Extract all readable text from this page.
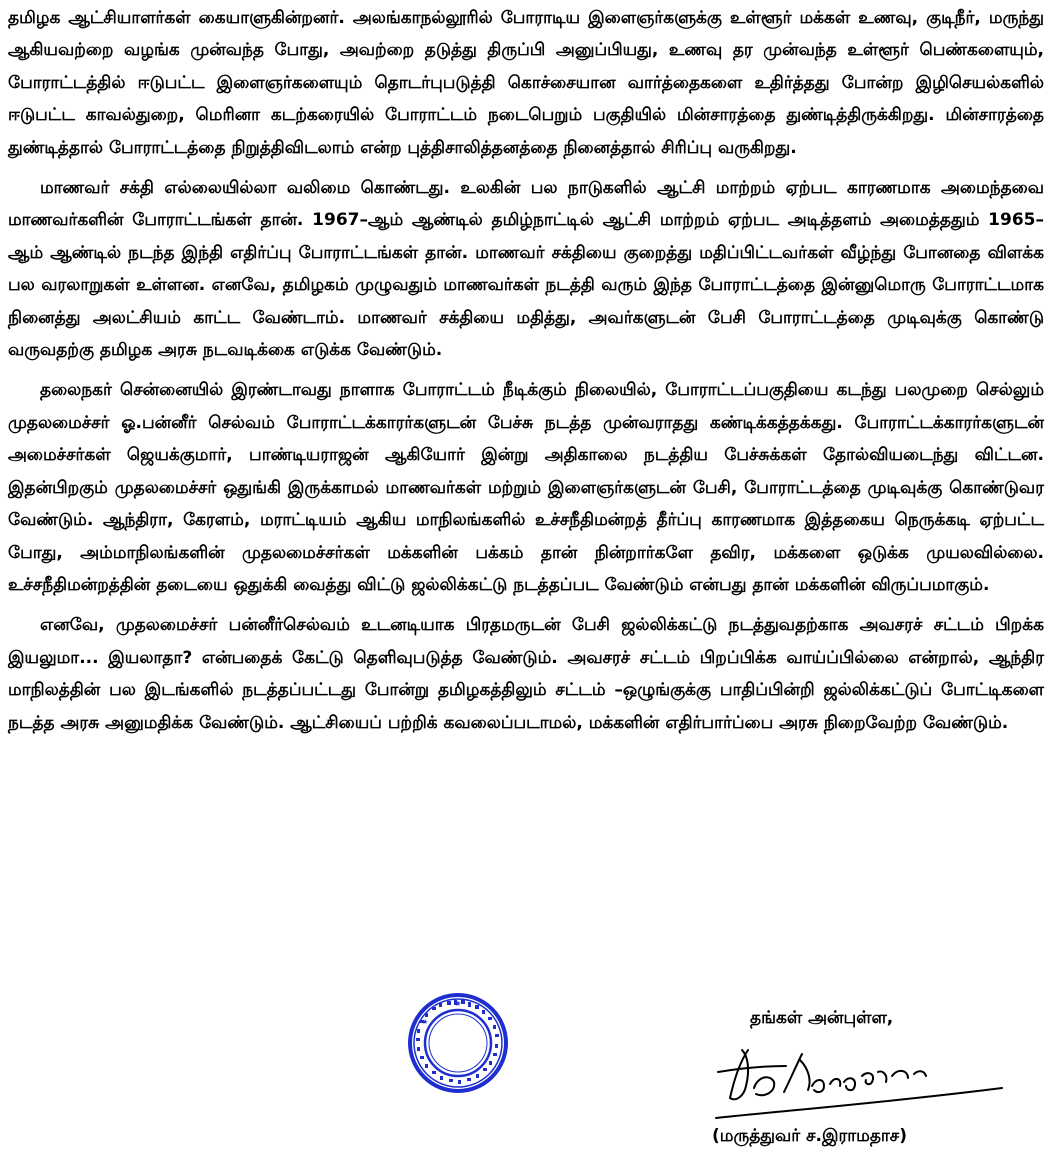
தமிழக ஆட்சியாளர்கள் கையாளுகின்றனர். அலங்காநல்லூரில் போராடிய இளைஞர்களுக்கு உள்ளூர் மக்கள் உணவு, குடிநீர், மருந்து ஆகியவற்றை வழங்க முன்வந்த போது, அவற்றை தடுத்து திருப்பி அனுப்பியது, உணவு தர முன்வந்த உள்ளூர் பெண்களையும், போராட்டத்தில் ஈடுபட்ட இளைஞர்களையும் தொடர்புபடுத்தி கொச்சையான வார்த்தைகளை உதிர்த்தது போன்ற இழிசெயல்களில் ஈடுபட்ட காவல்துறை, மெரினா கடற்கரையில் போராட்டம் நடைபெறும் பகுதியில் மின்சாரத்தை துண்டித்திருக்கிறது. மின்சாரத்தை துண்டித்தால் போராட்டத்தை நிறுத்திவிடலாம் என்ற புத்திசாலித்தனத்தை நினைத்தால் சிரிப்பு வருகிறது.

மாணவர் சக்தி எல்லையில்லா வலிமை கொண்டது. உலகின் பல நாடுகளில் ஆட்சி மாற்றம் ஏற்பட காரணமாக அமைந்தவை மாணவர்களின் போராட்டங்கள் தான். 1967–ஆம் ஆண்டில் தமிழ்நாட்டில் ஆட்சி மாற்றம் ஏற்பட அடித்தளம் அமைத்ததும் 1965–ஆம் ஆண்டில் நடந்த இந்தி எதிர்ப்பு போராட்டங்கள் தான். மாணவர் சக்தியை குறைத்து மதிப்பிட்டவர்கள் வீழ்ந்து போனதை விளக்க பல வரலாறுகள் உள்ளன. எனவே, தமிழகம் முழுவதும் மாணவர்கள் நடத்தி வரும் இந்த போராட்டத்தை இன்னுமொரு போராட்டமாக நினைத்து அலட்சியம் காட்ட வேண்டாம். மாணவர் சக்தியை மதித்து, அவர்களுடன் பேசி போராட்டத்தை முடிவுக்கு கொண்டு வருவதற்கு தமிழக அரசு நடவடிக்கை எடுக்க வேண்டும்.

தலைநகர் சென்னையில் இரண்டாவது நாளாக போராட்டம் நீடிக்கும் நிலையில், போராட்டப்பகுதியை கடந்து பலமுறை செல்லும் முதலமைச்சர் ஓ.பன்னீர் செல்வம் போராட்டக்காரர்களுடன் பேச்சு நடத்த முன்வராதது கண்டிக்கத்தக்கது. போராட்டக்காரர்களுடன் அமைச்சர்கள் ஜெயக்குமார், பாண்டியராஜன் ஆகியோர் இன்று அதிகாலை நடத்திய பேச்சுக்கள் தோல்வியடைந்து விட்டன. இதன்பிறகும் முதலமைச்சர் ஒதுங்கி இருக்காமல் மாணவர்கள் மற்றும் இளைஞர்களுடன் பேசி, போராட்டத்தை முடிவுக்கு கொண்டுவர வேண்டும். ஆந்திரா, கேரளம், மராட்டியம் ஆகிய மாநிலங்களில் உச்சநீதிமன்றத் தீர்ப்பு காரணமாக இத்தகைய நெருக்கடி ஏற்பட்ட போது, அம்மாநிலங்களின் முதலமைச்சர்கள் மக்களின் பக்கம் தான் நின்றார்களே தவிர, மக்களை ஒடுக்க முயலவில்லை. உச்சநீதிமன்றத்தின் தடையை ஒதுக்கி வைத்து விட்டு ஜல்லிக்கட்டு நடத்தப்பட வேண்டும் என்பது தான் மக்களின் விருப்பமாகும்.

எனவே, முதலமைச்சர் பன்னீர்செல்வம் உடனடியாக பிரதமருடன் பேசி ஜல்லிக்கட்டு நடத்துவதற்காக அவசரச் சட்டம் பிறக்க இயலுமா... இயலாதா? என்பதைக் கேட்டு தெளிவுபடுத்த வேண்டும். அவசரச் சட்டம் பிறப்பிக்க வாய்ப்பில்லை என்றால், ஆந்திர மாநிலத்தின் பல இடங்களில் நடத்தப்பட்டது போன்று தமிழகத்திலும் சட்டம் –ஒழுங்குக்கு பாதிப்பின்றி ஜல்லிக்கட்டுப் போட்டிகளை நடத்த அரசு அனுமதிக்க வேண்டும். ஆட்சியைப் பற்றிக் கவலைப்படாமல், மக்களின் எதிர்பார்ப்பை அரசு நிறைவேற்ற வேண்டும்.

★
★	தங்கள் அன்புள்ள,
(மருத்துவர் ச.இராமதாச)
